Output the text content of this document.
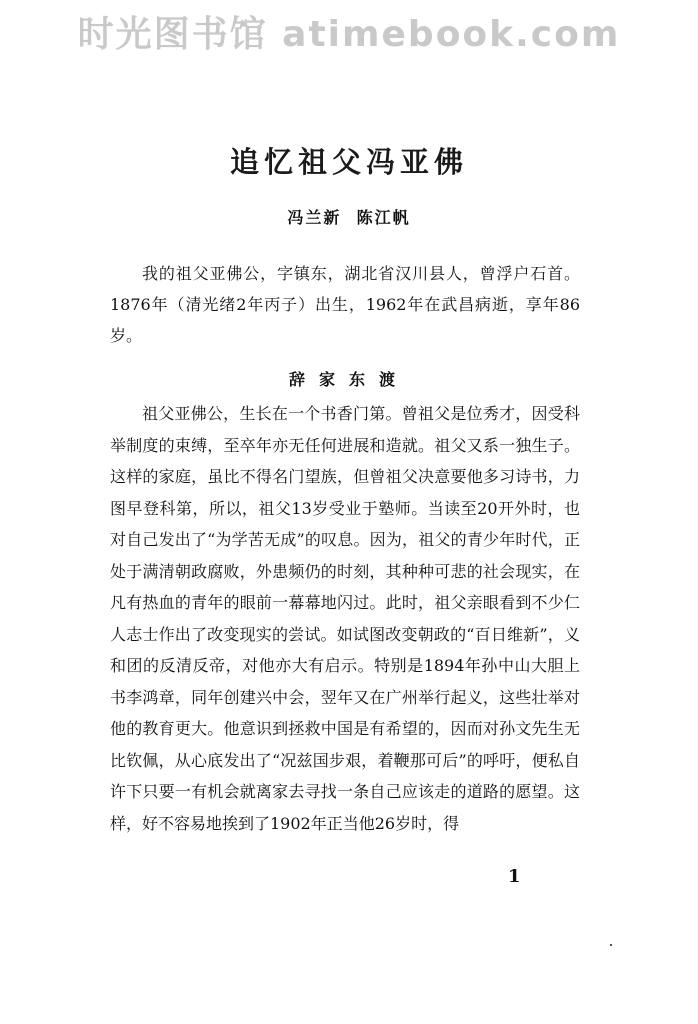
时光图书馆 atimebook.com
追忆祖父冯亚佛
冯兰新  陈江帆
我的祖父亚佛公，字镇东，湖北省汉川县人，曾浮户石首。1876年（清光绪2年丙子）出生，1962年在武昌病逝，享年86岁。
辞家东渡
祖父亚佛公，生长在一个书香门第。曾祖父是位秀才，因受科举制度的束缚，至卒年亦无任何进展和造就。祖父又系一独生子。这样的家庭，虽比不得名门望族，但曾祖父决意要他多习诗书，力图早登科第，所以，祖父13岁受业于塾师。当读至20开外时，也对自己发出了“为学苦无成”的叹息。因为，祖父的青少年时代，正处于满清朝政腐败，外患频仍的时刻，其种种可悲的社会现实，在凡有热血的青年的眼前一幕幕地闪过。此时，祖父亲眼看到不少仁人志士作出了改变现实的尝试。如试图改变朝政的“百日维新”，义和团的反清反帝，对他亦大有启示。特别是1894年孙中山大胆上书李鸿章，同年创建兴中会，翌年又在广州举行起义，这些壮举对他的教育更大。他意识到拯救中国是有希望的，因而对孙文先生无比钦佩，从心底发出了“况兹国步艰，着鞭那可后”的呼吁，便私自许下只要一有机会就离家去寻找一条自己应该走的道路的愿望。这样，好不容易地挨到了1902年正当他26岁时，得
1
